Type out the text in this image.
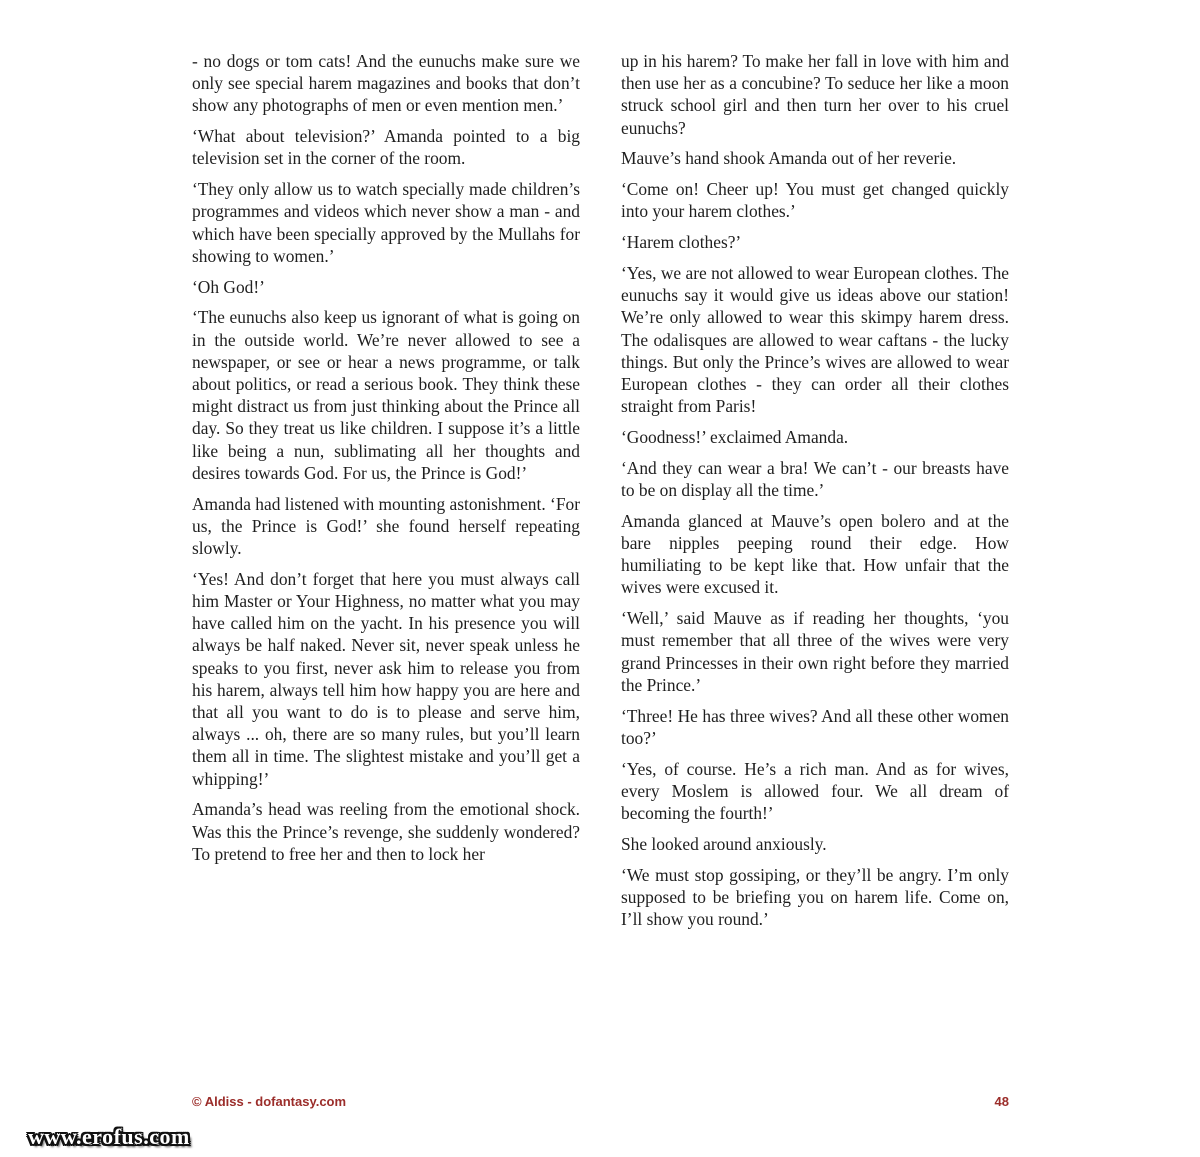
- no dogs or tom cats! And the eunuchs make sure we only see special harem magazines and books that don’t show any photographs of men or even mention men.’

‘What about television?’ Amanda pointed to a big television set in the corner of the room.

‘They only allow us to watch specially made children’s programmes and videos which never show a man - and which have been specially approved by the Mullahs for showing to women.’

‘Oh God!’

‘The eunuchs also keep us ignorant of what is going on in the outside world. We’re never allowed to see a newspaper, or see or hear a news programme, or talk about politics, or read a serious book. They think these might distract us from just thinking about the Prince all day. So they treat us like children. I suppose it’s a little like being a nun, sublimating all her thoughts and desires towards God. For us, the Prince is God!’

Amanda had listened with mounting astonishment. ‘For us, the Prince is God!’ she found herself repeating slowly.

‘Yes! And don’t forget that here you must always call him Master or Your Highness, no matter what you may have called him on the yacht. In his presence you will always be half naked. Never sit, never speak unless he speaks to you first, never ask him to release you from his harem, always tell him how happy you are here and that all you want to do is to please and serve him, always ... oh, there are so many rules, but you’ll learn them all in time. The slightest mistake and you’ll get a whipping!’

Amanda’s head was reeling from the emotional shock. Was this the Prince’s revenge, she suddenly wondered? To pretend to free her and then to lock her

up in his harem? To make her fall in love with him and then use her as a concubine? To seduce her like a moon struck school girl and then turn her over to his cruel eunuchs?

Mauve’s hand shook Amanda out of her reverie.

‘Come on! Cheer up! You must get changed quickly into your harem clothes.’

‘Harem clothes?’

‘Yes, we are not allowed to wear European clothes. The eunuchs say it would give us ideas above our station! We’re only allowed to wear this skimpy harem dress. The odalisques are allowed to wear caftans - the lucky things. But only the Prince’s wives are allowed to wear European clothes - they can order all their clothes straight from Paris!

‘Goodness!’ exclaimed Amanda.

‘And they can wear a bra! We can’t - our breasts have to be on display all the time.’

Amanda glanced at Mauve’s open bolero and at the bare nipples peeping round their edge. How humiliating to be kept like that. How unfair that the wives were excused it.

‘Well,’ said Mauve as if reading her thoughts, ‘you must remember that all three of the wives were very grand Princesses in their own right before they married the Prince.’

‘Three! He has three wives? And all these other women too?’

‘Yes, of course. He’s a rich man. And as for wives, every Moslem is allowed four. We all dream of becoming the fourth!’

She looked around anxiously.

‘We must stop gossiping, or they’ll be angry. I’m only supposed to be briefing you on harem life. Come on, I’ll show you round.’

© Aldiss - dofantasy.com	48
www.erofus.com
